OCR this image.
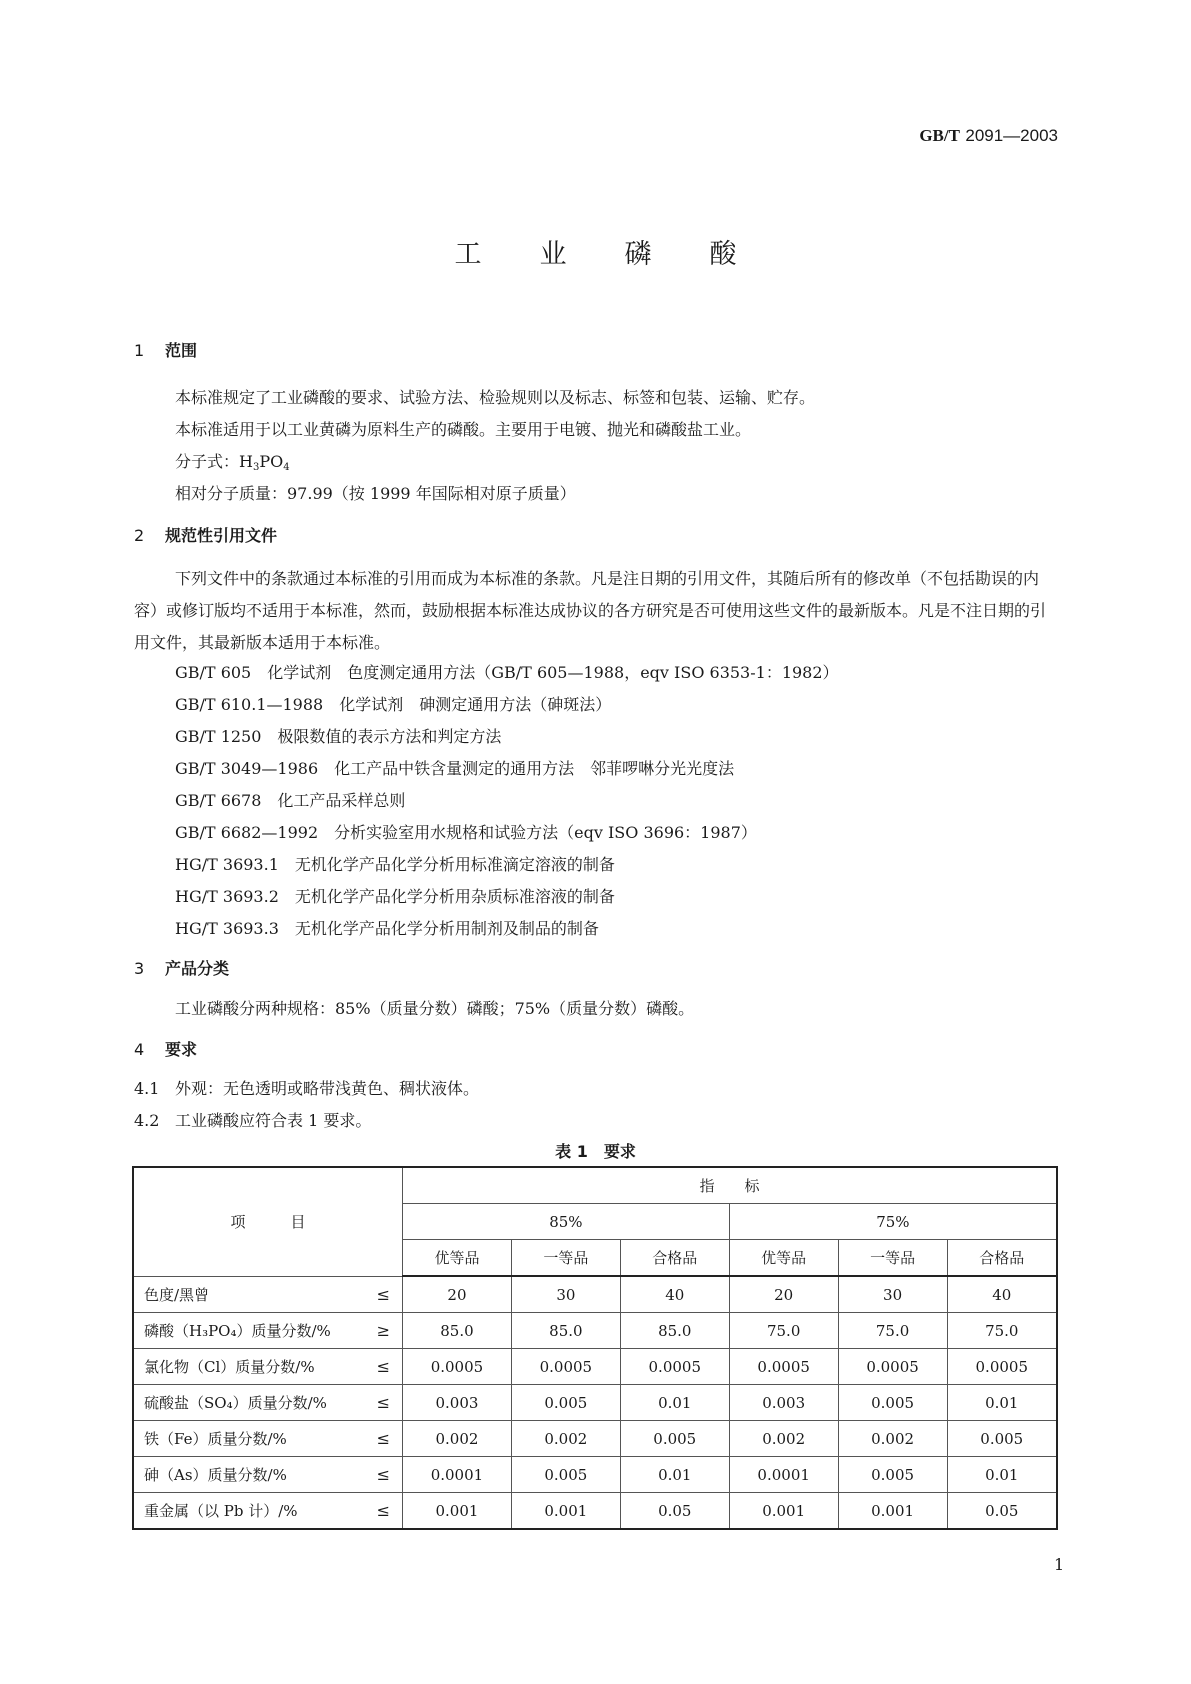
GB/T 2091—2003
工业磷酸
1 范围
本标准规定了工业磷酸的要求、试验方法、检验规则以及标志、标签和包装、运输、贮存。
本标准适用于以工业黄磷为原料生产的磷酸。主要用于电镀、抛光和磷酸盐工业。
分子式：$H_3PO_4$
相对分子质量：97.99（按 1999 年国际相对原子质量）
2 规范性引用文件
下列文件中的条款通过本标准的引用而成为本标准的条款。凡是注日期的引用文件，其随后所有的修改单（不包括勘误的内容）或修订版均不适用于本标准，然而，鼓励根据本标准达成协议的各方研究是否可使用这些文件的最新版本。凡是不注日期的引用文件，其最新版本适用于本标准。
GB/T 605　 化学试剂　色度测定通用方法（GB/T 605—1988，eqv ISO 6353-1：1982）
GB/T 610.1—1988　 化学试剂　砷测定通用方法（砷斑法）
GB/T 1250　 极限数值的表示方法和判定方法
GB/T 3049—1986　 化工产品中铁含量测定的通用方法　邻菲啰啉分光光度法
GB/T 6678　 化工产品采样总则
GB/T 6682—1992　 分析实验室用水规格和试验方法（eqv ISO 3696：1987）
HG/T 3693.1　 无机化学产品化学分析用标准滴定溶液的制备
HG/T 3693.2　 无机化学产品化学分析用杂质标准溶液的制备
HG/T 3693.3　 无机化学产品化学分析用制剂及制品的制备
3 产品分类
工业磷酸分两种规格：85%（质量分数）磷酸；75%（质量分数）磷酸。
4 要求
4.1 外观：无色透明或略带浅黄色、稠状液体。
4.2 工业磷酸应符合表 1 要求。
表 1　要求
项　　　目	指　　标					
	85%			75%		
	优等品	一等品	合格品	优等品	一等品	合格品
色度/黑曾 ≤	20	30	40	20	30	40
磷酸（H₃PO₄）质量分数/% ≥	85.0	85.0	85.0	75.0	75.0	75.0
氯化物（Cl）质量分数/% ≤	0.0005	0.0005	0.0005	0.0005	0.0005	0.0005
硫酸盐（SO₄）质量分数/% ≤	0.003	0.005	0.01	0.003	0.005	0.01
铁（Fe）质量分数/% ≤	0.002	0.002	0.005	0.002	0.002	0.005
砷（As）质量分数/% ≤	0.0001	0.005	0.01	0.0001	0.005	0.01
重金属（以 Pb 计）/% ≤	0.001	0.001	0.05	0.001	0.001	0.05
1
